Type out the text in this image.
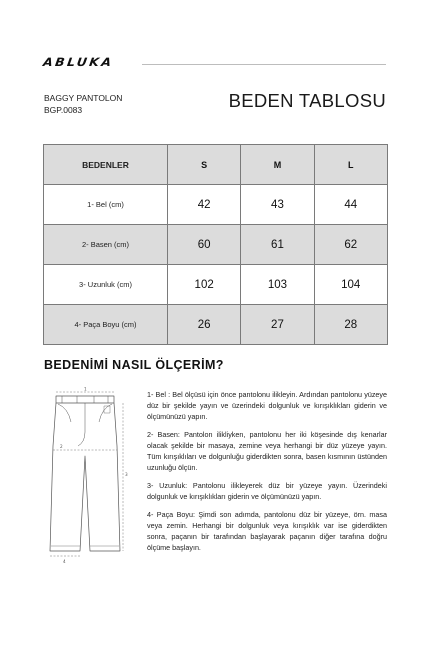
ABLUKA
BAGGY PANTOLON
BGP.0083	BEDEN TABLOSU
BEDENLER	S	M	L
1- Bel (cm)	42	43	44
2- Basen (cm)	60	61	62
3- Uzunluk (cm)	102	103	104
4- Paça Boyu (cm)	26	27	28
BEDENİMİ NASIL ÖLÇERİM?
1
2
3
4

1- Bel : Bel ölçüsü için önce pantolonu ilikleyin. Ardından pantolonu yüzeye düz bir şekilde yayın ve üzerindeki dolgunluk ve kırışıklıkları giderin ve ölçümünüzü yapın.

2- Basen: Pantolon ilikliyken, pantolonu her iki köşesinde dış kenarlar olacak şekilde bir masaya, zemine veya herhangi bir düz yüzeye yayın. Tüm kırışıklıları ve dolgunluğu giderdikten sonra, basen kısmının üstünden uzunluğu ölçün.

3- Uzunluk: Pantolonu ilikleyerek düz bir yüzeye yayın. Üzerindeki dolgunluk ve kırışıklıkları giderin ve ölçümünüzü yapın.

4- Paça Boyu: Şimdi son adımda, pantolonu düz bir yüzeye, örn. masa veya zemin. Herhangi bir dolgunluk veya kırışıklık var ise giderdikten sonra, paçanın bir tarafından başlayarak paçanın diğer tarafına doğru ölçüme başlayın.
